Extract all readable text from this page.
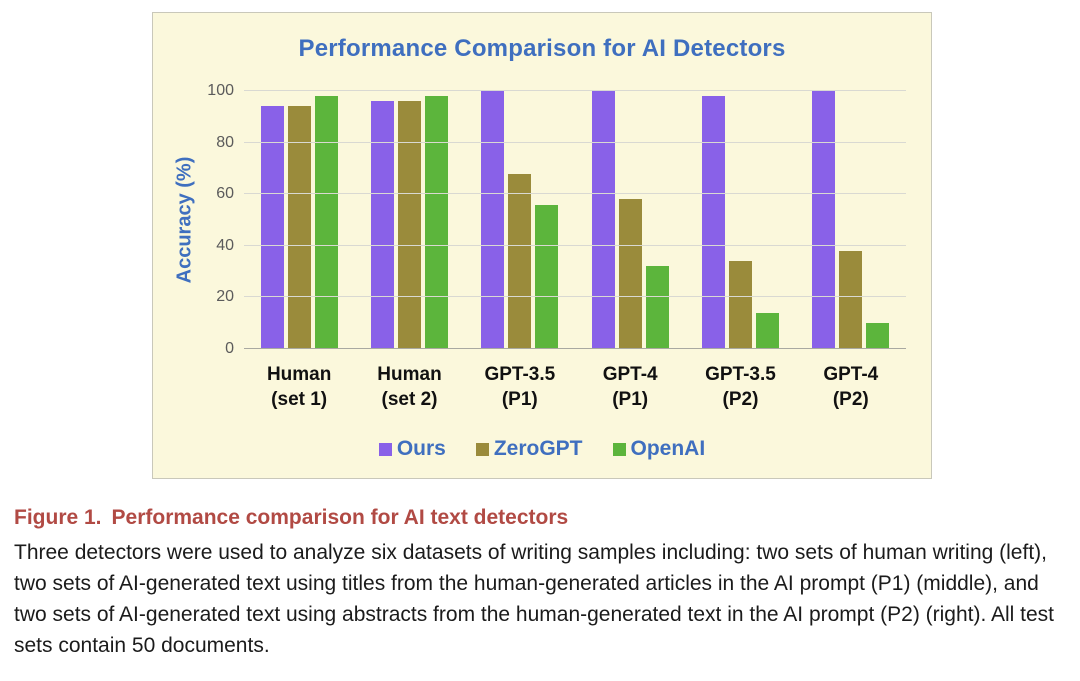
Performance Comparison for AI Detectors
Accuracy (%)
0
20
40
60
80
100
Human
(set 1)
Human
(set 2)
GPT-3.5
(P1)
GPT-4
(P1)
GPT-3.5
(P2)
GPT-4
(P2)
Ours ZeroGPT OpenAI
Figure 1. Performance comparison for AI text detectors
Three detectors were used to analyze six datasets of writing samples including: two sets of human writing (left), two sets of AI-generated text using titles from the human-generated articles in the AI prompt (P1) (middle), and two sets of AI-generated text using abstracts from the human-generated text in the AI prompt (P2) (right). All test sets contain 50 documents.
